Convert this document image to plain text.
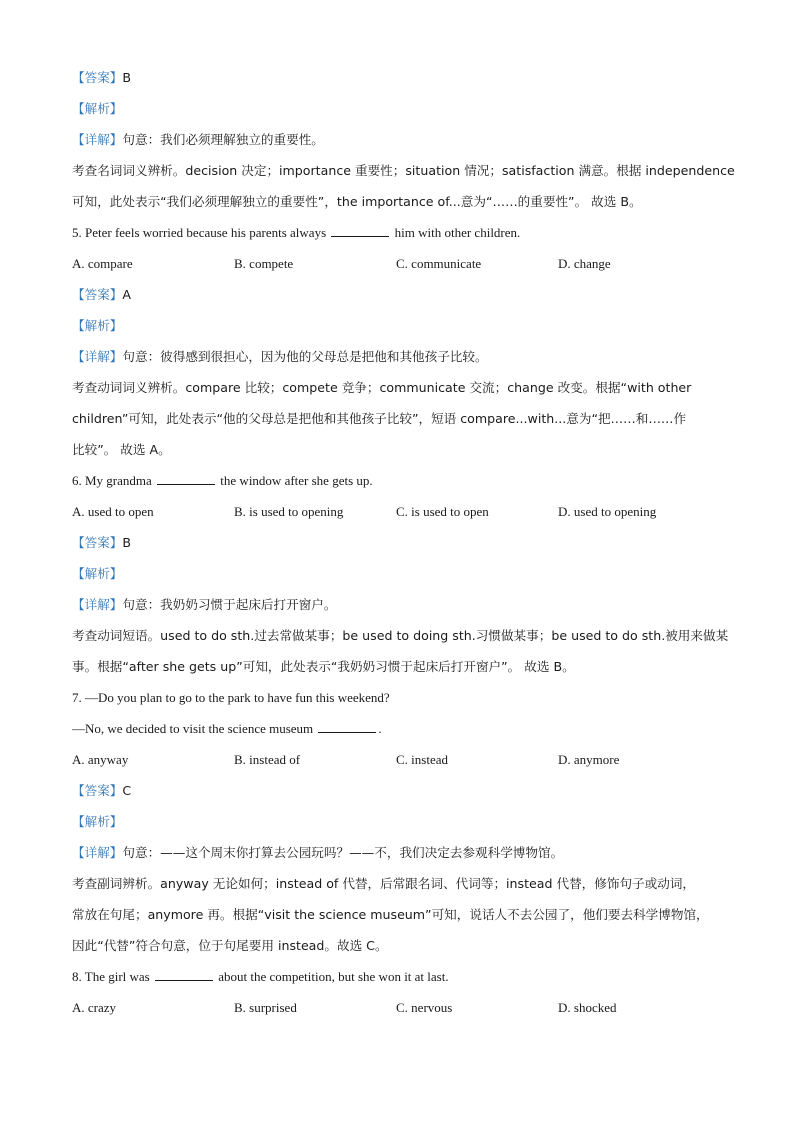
【答案】B
【解析】
【详解】句意：我们必须理解独立的重要性。
考查名词词义辨析。decision 决定；importance 重要性；situation 情况；satisfaction 满意。根据 independence
可知，此处表示“我们必须理解独立的重要性”，the importance of...意为“……的重要性”。 故选 B。
5. Peter feels worried because his parents always	him with other children.
A. compare	B. compete	C. communicate	D. change
【答案】A
【解析】
【详解】句意：彼得感到很担心，因为他的父母总是把他和其他孩子比较。
考查动词词义辨析。compare 比较；compete 竞争；communicate 交流；change 改变。根据“with other
children”可知，此处表示“他的父母总是把他和其他孩子比较”，短语 compare...with...意为“把……和……作
比较”。 故选 A。
6. My grandma	the window after she gets up.
A. used to open	B. is used to opening	C. is used to open	D. used to opening
【答案】B
【解析】
【详解】句意：我奶奶习惯于起床后打开窗户。
考查动词短语。used to do sth.过去常做某事；be used to doing sth.习惯做某事；be used to do sth.被用来做某
事。根据“after she gets up”可知，此处表示“我奶奶习惯于起床后打开窗户”。 故选 B。
7. —Do you plan to go to the park to have fun this weekend?
—No, we decided to visit the science museum	.
A. anyway	B. instead of	C. instead	D. anymore
【答案】C
【解析】
【详解】句意：——这个周末你打算去公园玩吗？——不，我们决定去参观科学博物馆。
考查副词辨析。anyway 无论如何；instead of 代替，后常跟名词、代词等；instead 代替，修饰句子或动词，
常放在句尾；anymore 再。根据“visit the science museum”可知，说话人不去公园了，他们要去科学博物馆，
因此“代替”符合句意，位于句尾要用 instead。故选 C。
8. The girl was	about the competition, but she won it at last.
A. crazy	B. surprised	C. nervous	D. shocked
